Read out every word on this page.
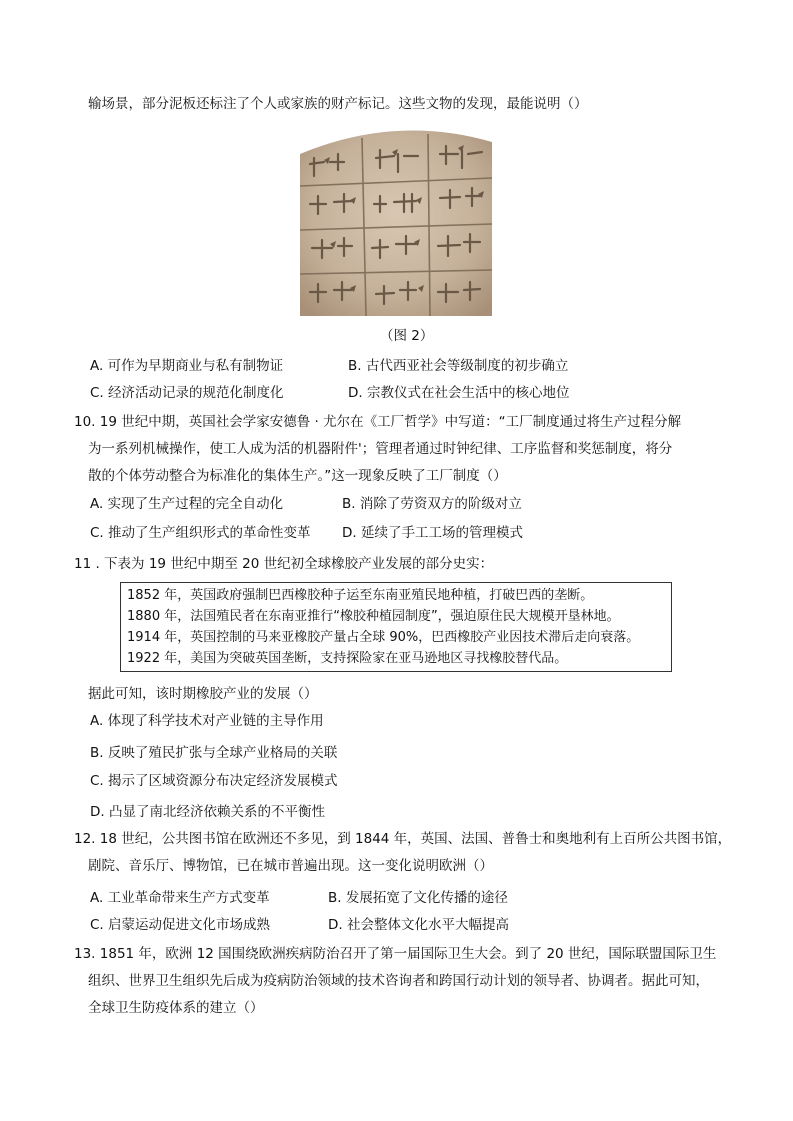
输场景，部分泥板还标注了个人或家族的财产标记。这些文物的发现，最能说明（）
（图 2）
A. 可作为早期商业与私有制物证	B. 古代西亚社会等级制度的初步确立
C. 经济活动记录的规范化制度化	D. 宗教仪式在社会生活中的核心地位
10. 19 世纪中期，英国社会学家安德鲁 · 尤尔在《工厂哲学》中写道：“工厂制度通过将生产过程分解
为一系列机械操作，使工人成为活的机器附件'；管理者通过时钟纪律、工序监督和奖惩制度，将分
散的个体劳动整合为标准化的集体生产。”这一现象反映了工厂制度（）
A. 实现了生产过程的完全自动化	B. 消除了劳资双方的阶级对立
C. 推动了生产组织形式的革命性变革 D. 延续了手工工场的管理模式
11 . 下表为 19 世纪中期至 20 世纪初全球橡胶产业发展的部分史实：
1852 年，英国政府强制巴西橡胶种子运至东南亚殖民地种植，打破巴西的垄断。
1880 年，法国殖民者在东南亚推行“橡胶种植园制度”，强迫原住民大规模开垦林地。
1914 年，英国控制的马来亚橡胶产量占全球 90%，巴西橡胶产业因技术滞后走向衰落。
1922 年，美国为突破英国垄断，支持探险家在亚马逊地区寻找橡胶替代品。
据此可知，该时期橡胶产业的发展（）
A. 体现了科学技术对产业链的主导作用
B. 反映了殖民扩张与全球产业格局的关联
C. 揭示了区域资源分布决定经济发展模式
D. 凸显了南北经济依赖关系的不平衡性
12. 18 世纪，公共图书馆在欧洲还不多见，到 1844 年，英国、法国、普鲁士和奥地利有上百所公共图书馆，
剧院、音乐厅、博物馆，已在城市普遍出现。这一变化说明欧洲（）
A. 工业革命带来生产方式变革	B. 发展拓宽了文化传播的途径
C. 启蒙运动促进文化市场成熟	D. 社会整体文化水平大幅提高
13. 1851 年，欧洲 12 国围绕欧洲疾病防治召开了第一届国际卫生大会。到了 20 世纪，国际联盟国际卫生
组织、世界卫生组织先后成为疫病防治领域的技术咨询者和跨国行动计划的领导者、协调者。据此可知，
全球卫生防疫体系的建立（）
